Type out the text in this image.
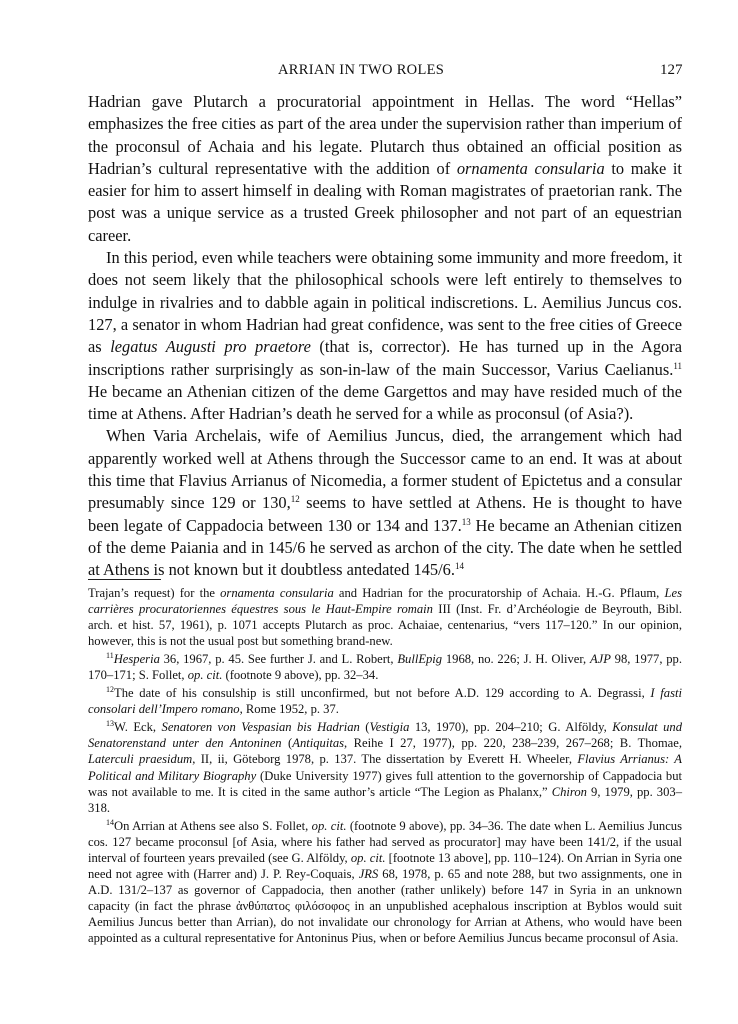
ARRIAN IN TWO ROLES	127

Hadrian gave Plutarch a procuratorial appointment in Hellas. The word “Hellas” emphasizes the free cities as part of the area under the supervision rather than imperium of the proconsul of Achaia and his legate. Plutarch thus obtained an official position as Hadrian’s cultural representative with the addition of ornamenta consularia to make it easier for him to assert himself in dealing with Roman magistrates of praetorian rank. The post was a unique service as a trusted Greek philosopher and not part of an equestrian career.

In this period, even while teachers were obtaining some immunity and more freedom, it does not seem likely that the philosophical schools were left entirely to themselves to indulge in rivalries and to dabble again in political indiscretions. L. Aemilius Juncus cos. 127, a senator in whom Hadrian had great confidence, was sent to the free cities of Greece as legatus Augusti pro praetore (that is, corrector). He has turned up in the Agora inscriptions rather surprisingly as son-in-law of the main Successor, Varius Caelianus.$^{11}$ He became an Athenian citizen of the deme Gargettos and may have resided much of the time at Athens. After Hadrian’s death he served for a while as proconsul (of Asia?).

When Varia Archelais, wife of Aemilius Juncus, died, the arrangement which had apparently worked well at Athens through the Successor came to an end. It was at about this time that Flavius Arrianus of Nicomedia, a former student of Epictetus and a consular presumably since 129 or 130,12 seems to have settled at Athens. He is thought to have been legate of Cappadocia between 130 or 134 and 137.13 He became an Athenian citizen of the deme Paiania and in 145/6 he served as archon of the city. The date when he settled at Athens is not known but it doubtless antedated 145/6.14

Trajan’s request) for the ornamenta consularia and Hadrian for the procuratorship of Achaia. H.-G. Pflaum, Les carrières procuratoriennes équestres sous le Haut-Empire romain III (Inst. Fr. d’Archéologie de Beyrouth, Bibl. arch. et hist. 57, 1961), p. 1071 accepts Plutarch as proc. Achaiae, centenarius, “vers 117–120.” In our opinion, however, this is not the usual post but something brand-new.

$^{11}$Hesperia 36, 1967, p. 45. See further J. and L. Robert, BullEpig 1968, no. 226; J. H. Oliver, AJP 98, 1977, pp. 170–171; S. Follet, op. cit. (footnote 9 above), pp. 32–34.

$^{12}$The date of his consulship is still unconfirmed, but not before A.D. 129 according to A. Degrassi, I fasti consolari dell’Impero romano, Rome 1952, p. 37.

$^{13}$W. Eck, Senatoren von Vespasian bis Hadrian (Vestigia 13, 1970), pp. 204–210; G. Alföldy, Konsulat und Senatorenstand unter den Antoninen (Antiquitas, Reihe I 27, 1977), pp. 220, 238–239, 267–268; B. Thomae, Laterculi praesidum, II, ii, Göteborg 1978, p. 137. The dissertation by Everett H. Wheeler, Flavius Arrianus: A Political and Military Biography (Duke University 1977) gives full attention to the governorship of Cappadocia but was not available to me. It is cited in the same author’s article “The Legion as Phalanx,” Chiron 9, 1979, pp. 303–318.

$^{14}$On Arrian at Athens see also S. Follet, op. cit. (footnote 9 above), pp. 34–36. The date when L. Aemilius Juncus cos. 127 became proconsul [of Asia, where his father had served as procurator] may have been 141/2, if the usual interval of fourteen years prevailed (see G. Alföldy, op. cit. [footnote 13 above], pp. 110–124). On Arrian in Syria one need not agree with (Harrer and) J. P. Rey-Coquais, JRS 68, 1978, p. 65 and note 288, but two assignments, one in A.D. 131/2–137 as governor of Cappadocia, then another (rather unlikely) before 147 in Syria in an unknown capacity (in fact the phrase ἀνθύπατος φιλόσοφος in an unpublished acephalous inscription at Byblos would suit Aemilius Juncus better than Arrian), do not invalidate our chronology for Arrian at Athens, who would have been appointed as a cultural representative for Antoninus Pius, when or before Aemilius Juncus became proconsul of Asia.
